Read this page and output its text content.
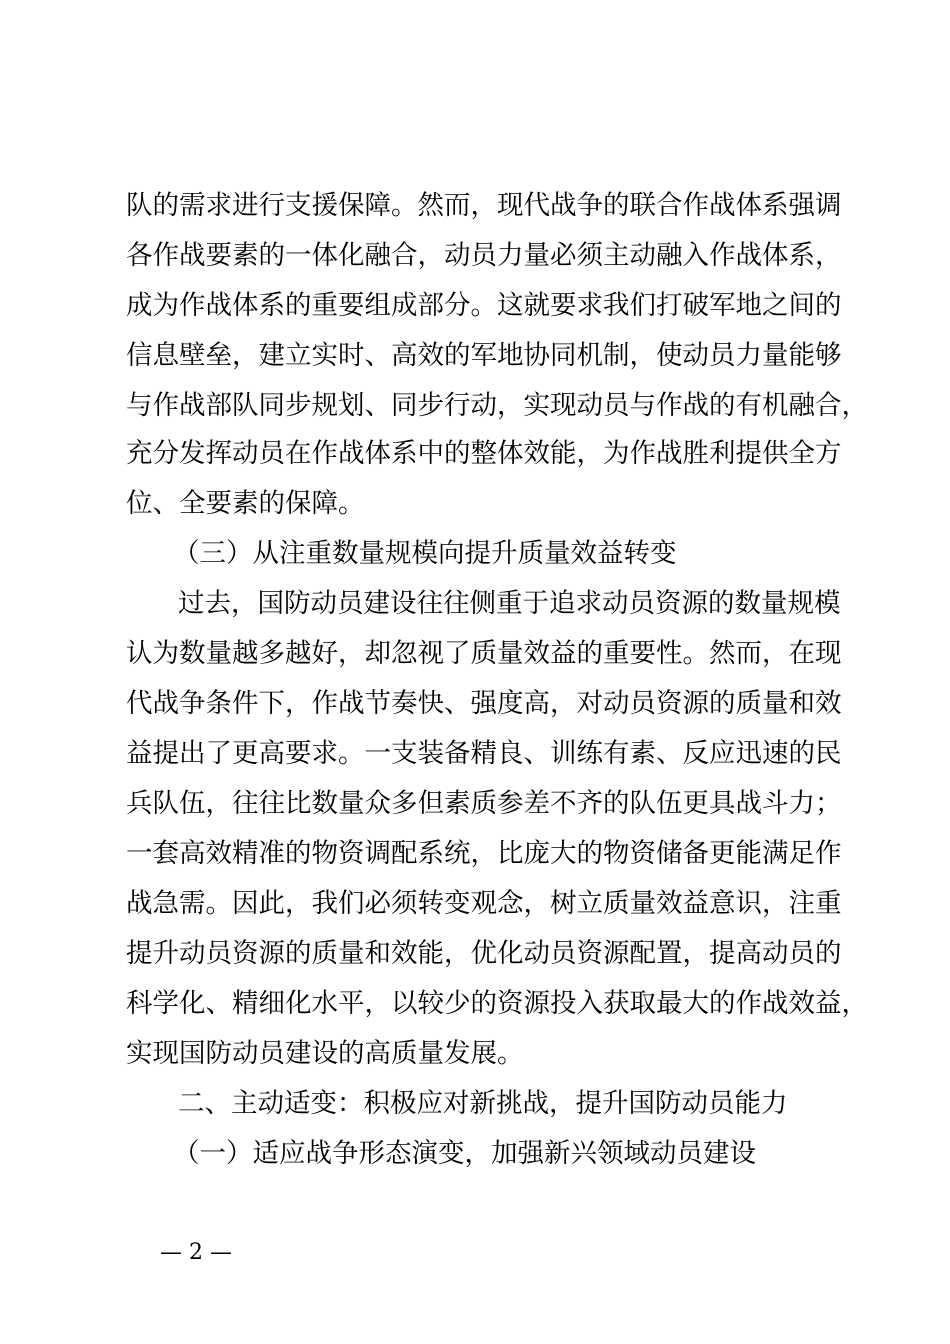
队的需求进行支援保障。然而，现代战争的联合作战体系强调
各作战要素的一体化融合，动员力量必须主动融入作战体系，
成为作战体系的重要组成部分。这就要求我们打破军地之间的
信息壁垒，建立实时、高效的军地协同机制，使动员力量能够
与作战部队同步规划、同步行动，实现动员与作战的有机融合，
充分发挥动员在作战体系中的整体效能，为作战胜利提供全方
位、全要素的保障。
（三）从注重数量规模向提升质量效益转变
过去，国防动员建设往往侧重于追求动员资源的数量规模
认为数量越多越好，却忽视了质量效益的重要性。然而，在现
代战争条件下，作战节奏快、强度高，对动员资源的质量和效
益提出了更高要求。一支装备精良、训练有素、反应迅速的民
兵队伍，往往比数量众多但素质参差不齐的队伍更具战斗力；
一套高效精准的物资调配系统，比庞大的物资储备更能满足作
战急需。因此，我们必须转变观念，树立质量效益意识，注重
提升动员资源的质量和效能，优化动员资源配置，提高动员的
科学化、精细化水平，以较少的资源投入获取最大的作战效益，
实现国防动员建设的高质量发展。
二、主动适变：积极应对新挑战，提升国防动员能力
（一）适应战争形态演变，加强新兴领域动员建设
— 2 —
